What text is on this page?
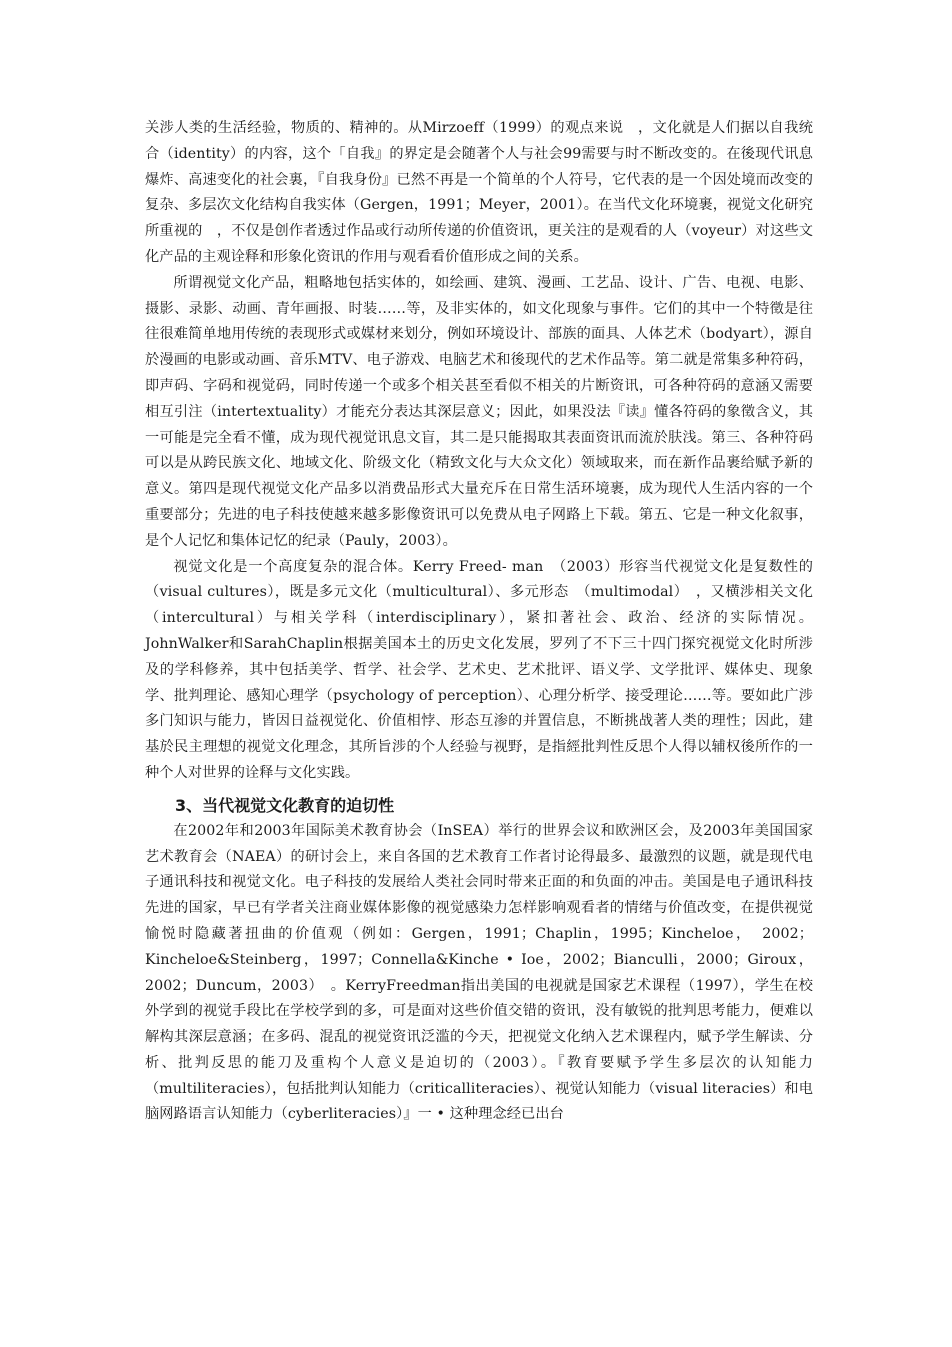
关涉人类的生活经验，物质的、精神的。从Mirzoeff（1999）的观点来说　，文化就是人们据以自我统合（identity）的内容，这个「自我』的界定是会随著个人与社会99需要与时不断改变的。在後现代讯息爆炸、高速变化的社会裏，『自我身份』已然不再是一个简单的个人符号，它代表的是一个因处境而改变的复杂、多层次文化结构自我实体（Gergen，1991；Meyer，2001）。在当代文化环境裹，视觉文化研究所重视的　，不仅是创作者透过作品或行动所传递的价值资讯，更关注的是观看的人（voyeur）对这些文化产品的主观诠释和形象化资讯的作用与观看看价值形成之间的关系。

所谓视觉文化产品，粗略地包括实体的，如绘画、建筑、漫画、工艺品、设计、广告、电视、电影、摄影、录影、动画、青年画报、时装……等，及非实体的，如文化现象与事件。它们的其中一个特徵是往往很难简单地用传统的表现形式或媒材来划分，例如环境设计、部族的面具、人体艺术（bodyart），源自於漫画的电影或动画、音乐MTV、电子游戏、电脑艺术和後现代的艺术作品等。第二就是常集多种符码，即声码、字码和视觉码，同时传递一个或多个相关甚至看似不相关的片断资讯，可各种符码的意涵又需要相互引注（intertextuality）才能充分表达其深层意义；因此，如果没法『读』懂各符码的象徵含义，其一可能是完全看不懂，成为现代视觉讯息文盲，其二是只能揭取其表面资讯而流於肤浅。第三、各种符码可以是从跨民族文化、地域文化、阶级文化（精致文化与大众文化）领域取来，而在新作品裹给赋予新的意义。第四是现代视觉文化产品多以消费品形式大量充斥在日常生活环境裹，成为现代人生活内容的一个重要部分；先进的电子科技使越来越多影像资讯可以免费从电子网路上下载。第五、它是一种文化叙事，是个人记忆和集体记忆的纪录（Pauly，2003）。

视觉文化是一个高度复杂的混合体。Kerry Freed- man　（2003）形容当代视觉文化是复数性的（visual cultures），既是多元文化（multicultural）、多元形态　（multimodal）　，又横涉相关文化（intercultural）与相关学科（interdisciplinary），紧扣著社会、政治、经济的实际情况。JohnWalker和SarahChaplin根据美国本土的历史文化发展，罗列了不下三十四门探究视觉文化时所涉及的学科修养，其中包括美学、哲学、社会学、艺术史、艺术批评、语义学、文学批评、媒体史、现象学、批判理论、感知心理学（psychology of perception）、心理分析学、接受理论……等。要如此广涉多门知识与能力，皆因日益视觉化、价值相悖、形态互渗的并置信息，不断挑战著人类的理性；因此，建基於民主理想的视觉文化理念，其所旨涉的个人经验与视野，是指經批判性反思个人得以辅权後所作的一种个人对世界的诠释与文化实践。

3、当代视觉文化教育的迫切性

在2002年和2003年国际美术教育协会（InSEA）举行的世界会议和欧洲区会，及2003年美国国家艺术教育会（NAEA）的研讨会上，来自各国的艺术教育工作者讨论得最多、最激烈的议题，就是现代电子通讯科技和视觉文化。电子科技的发展给人类社会同时带来正面的和负面的冲击。美国是电子通讯科技先进的国家，早已有学者关注商业媒体影像的视觉感染力怎样影响观看者的情绪与价值改变，在提供视觉愉悦时隐藏著扭曲的价值观（例如：Gergen，1991；Chaplin，1995；Kincheloe，　2002；Kincheloe&Steinberg，1997；Connella&Kinche • Ioe，2002；Bianculli，2000；Giroux，2002；Duncum，2003）　。KerryFreedman指出美国的电视就是国家艺术课程（1997），学生在校外学到的视觉手段比在学校学到的多，可是面对这些价值交错的资讯，没有敏锐的批判思考能力，便难以解构其深层意涵；在多码、混乱的视觉资讯泛滥的今天，把视觉文化纳入艺术课程内，赋予学生解读、分析、批判反思的能刀及重构个人意义是迫切的（2003）。『教育要赋予学生多层次的认知能力（multiliteracies），包括批判认知能力（criticalliteracies）、视觉认知能力（visual literacies）和电脑网路语言认知能力（cyberliteracies）』一 • 这种理念经已出台
